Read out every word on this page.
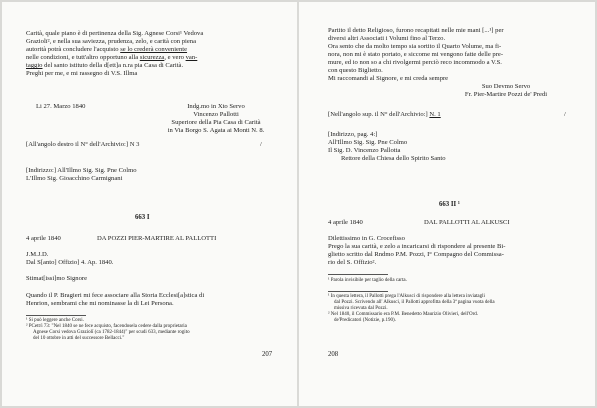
Carità, quale piano è di pertinenza della Sig. Agnese Corsi¹ Vedova
Graziolī², e nella sua saviezza, prudenza, zelo, e carità con piena
autorità potrà concludere l'acquisto se lo crederà conveniente
nelle condizioni, e tutt'altro opportuno alla sicurezza, e vero van-
taggio del santo istituto della d[ett]a n.ra pia Casa di Carità.
Preghi per me, e mi rassegno di V.S. Illma
Li 27. Marzo 1840	Indg.mo in Xto Servo
Vincenzo Pallotti
Superiore della Pia Casa di Carità
in Via Borgo S. Agata ai Monti N. 8.
[All'angolo destro il N° dell'Archivio:] N 3	/
[Indirizzo:] All'Illmo Sig. Sig. Pne Colmo
L'Illmo Sig. Gioacchino Carmignani
663 I
4 aprile 1840	DA POZZI PIER-MARTIRE AL PALLOTTI
J.M.J.D.
Dal S[anto] Offizio] 4. Ap. 1840.
Stimat[issi]mo Signore
Quando il P. Bragieri mi fece associare alla Storia Ecclesi[a]stica di
Henrion, sembrami che mi nominasse la di Lei Persona.
¹ Si può leggere anche Corsi.
² PCett/i 73: "Nel 1840 se ne fece acquisto, facendosela cedere dalla proprietaria
Agnese Corsi vedova Graziolī (ca 1782-1844)" per scudi 633, mediante rogito
del 10 ottobre in atti del successore Bellacci."
207
Partito il detto Religioso, furono recapitati nelle mie mani [...¹] per
diversi altri Associati i Volumi fino al Terzo.
Ora sento che da molto tempo sia sortito il Quarto Volume, ma fi-
nora, non mi è stato portato, e siccome mi vengono fatte delle pre-
mure, ed io non so a chi rivolgermi perciò reco incommodo a V.S.
con questo Biglietto.
Mi raccomandi al Signore, e mi creda sempre
Suo Devmo Servo
Fr. Pier-Martire Pozzi de' Predi
[Nell'angolo sup. il N° dell'Archivio:] N. 1	/
[Indirizzo, pag. 4:]
All'Illmo Sig. Sig. Pne Colmo
Il Sig. D. Vincenzo Pallotta
Rettore della Chiesa dello Spirito Santo
663 II ¹
4 aprile 1840	DAL PALLOTTI AL ALKUSCI
Dilettissimo in G. Crocefisso
Prego la sua carità, e zelo a incaricarsi di rispondere al presente Bi-
glietto scritto dal Rndmo P.M. Pozzi, I° Compagno del Commissa-
rio del S. Offizio².
¹ Parola invisibile per taglio della carta.
¹ In questa lettera, il Pallotti prega l'Alkusci di rispondere alla lettera inviatagli
dal Pozzi. Scrivendo all' Alkusci, il Pallotti approfitta della 3ª pagina vuota della
missiva ricevuta dal Pozzi.
² Nel 1840, il Commissario era P.M. Benedetto Maurizio Olivieri, dell'Ord.
de'Predicatori (Notizie, p.190).
208
